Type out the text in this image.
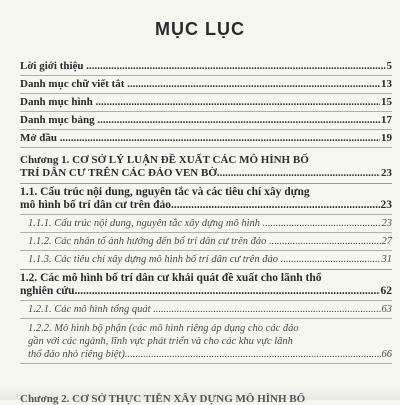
MỤC LỤC
Lời giới thiệu .....	5
Danh mục chữ viết tắt .....	13
Danh mục hình .....	15
Danh mục bảng .....	17
Mở đầu .....	19
Chương 1. CƠ SỞ LÝ LUẬN ĐỀ XUẤT CÁC MÔ HÌNH BỐ
TRÍ DÂN CƯ TRÊN CÁC ĐẢO VEN BỜ .....	23
1.1. Cấu trúc nội dung, nguyên tắc và các tiêu chí xây dựng
mô hình bố trí dân cư trên đảo .....	23
1.1.1. Cấu trúc nội dung, nguyên tắc xây dựng mô hình .....	23
1.1.2. Các nhân tố ảnh hưởng đến bố trí dân cư trên đảo .....	27
1.1.3. Các tiêu chí xây dựng mô hình bố trí dân cư trên đảo .....	31
1.2. Các mô hình bố trí dân cư khái quát đề xuất cho lãnh thổ
nghiên cứu .....	62
1.2.1. Các mô hình tổng quát .....	63
1.2.2. Mô hình bộ phận (các mô hình riêng áp dụng cho các đảo
gần với các ngành, lĩnh vực phát triển và cho các khu vực lãnh
thổ đảo nhỏ riêng biệt) .....	66
Chương 2. CƠ SỞ THỰC TIỄN XÂY DỰNG MÔ HÌNH BỐ
